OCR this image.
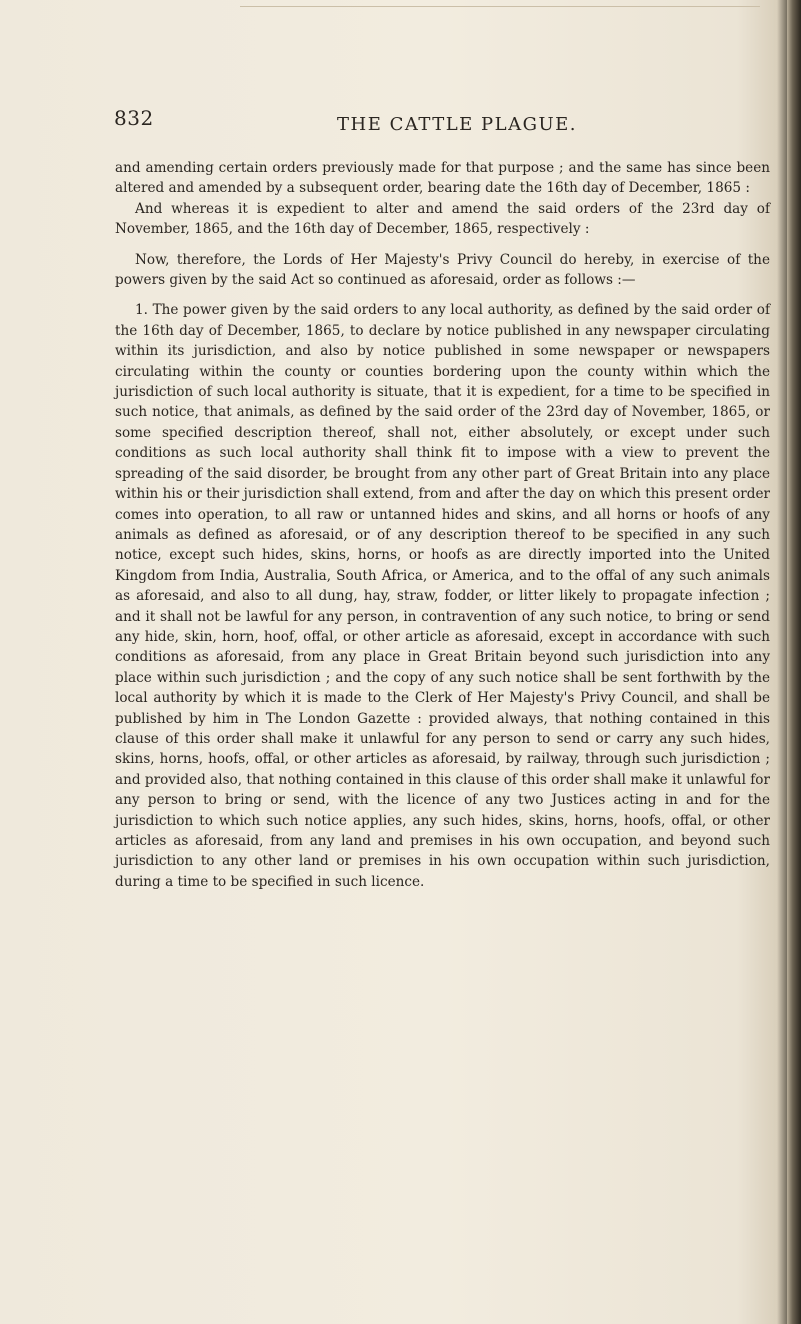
832	THE CATTLE PLAGUE.

and amending certain orders previously made for that purpose ; and the same has since been altered and amended by a subsequent order, bearing date the 16th day of December, 1865 :

And whereas it is expedient to alter and amend the said orders of the 23rd day of November, 1865, and the 16th day of December, 1865, respectively :

Now, therefore, the Lords of Her Majesty's Privy Council do hereby, in exercise of the powers given by the said Act so continued as aforesaid, order as follows :—

1. The power given by the said orders to any local authority, as defined by the said order of the 16th day of December, 1865, to declare by notice published in any newspaper circulating within its jurisdiction, and also by notice published in some newspaper or newspapers circulating within the county or counties bordering upon the county within which the jurisdiction of such local authority is situate, that it is expedient, for a time to be specified in such notice, that animals, as defined by the said order of the 23rd day of November, 1865, or some specified description thereof, shall not, either absolutely, or except under such conditions as such local authority shall think fit to impose with a view to prevent the spreading of the said disorder, be brought from any other part of Great Britain into any place within his or their jurisdiction shall extend, from and after the day on which this present order comes into operation, to all raw or untanned hides and skins, and all horns or hoofs of any animals as defined as aforesaid, or of any description thereof to be specified in any such notice, except such hides, skins, horns, or hoofs as are directly imported into the United Kingdom from India, Australia, South Africa, or America, and to the offal of any such animals as aforesaid, and also to all dung, hay, straw, fodder, or litter likely to propagate infection ; and it shall not be lawful for any person, in contravention of any such notice, to bring or send any hide, skin, horn, hoof, offal, or other article as aforesaid, except in accordance with such conditions as aforesaid, from any place in Great Britain beyond such jurisdiction into any place within such jurisdiction ; and the copy of any such notice shall be sent forthwith by the local authority by which it is made to the Clerk of Her Majesty's Privy Council, and shall be published by him in The London Gazette : provided always, that nothing contained in this clause of this order shall make it unlawful for any person to send or carry any such hides, skins, horns, hoofs, offal, or other articles as aforesaid, by railway, through such jurisdiction ; and provided also, that nothing contained in this clause of this order shall make it unlawful for any person to bring or send, with the licence of any two Justices acting in and for the jurisdiction to which such notice applies, any such hides, skins, horns, hoofs, offal, or other articles as aforesaid, from any land and premises in his own occupation, and beyond such jurisdiction to any other land or premises in his own occupation within such jurisdiction, during a time to be specified in such licence.
